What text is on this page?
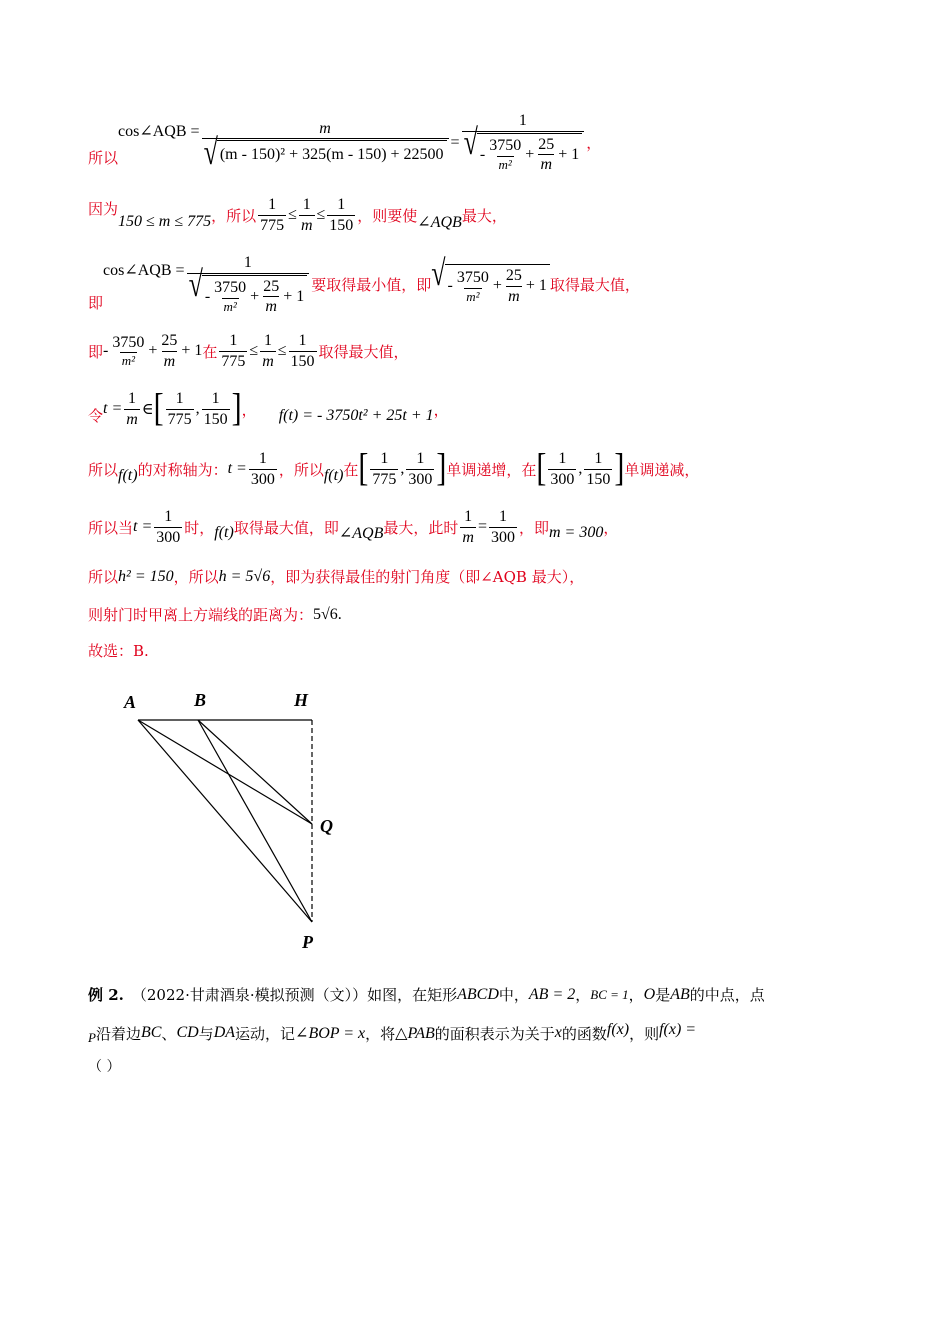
所以
cos∠AQB = $\frac{m}{\text{√ (m - 150)² + 325(m - 150) + 22500}}$ =
1
√ - $\frac{3750}{\text{m²}} + \frac{25}{m} + 1$
，
因为
150 ≤ m ≤ 775 ，所以 $\frac{1}{775} \le \frac{1}{m} \le \frac{1}{150}$ ，则要使 ∠AQB 最大，
即
cos∠AQB =	1
√ - $\frac{3750}{\text{m²}} + \frac{25}{m} + 1$
要取得最小值，即 √ - $\frac{3750}{\text{m²}} + \frac{25}{m} + 1$ 取得最大值，
即 - $\frac{3750}{\text{m²}} + \frac{25}{m} + 1$ 在 $\frac{1}{775} \le \frac{1}{m} \le \frac{1}{150}$ 取得最大值，
令 $t = \frac{1}{m}$ ∈ [ $\frac{1}{775}$ , $\frac{1}{150}$ ] ， f(t) = - 3750t² + 25t + 1 ，
所以 f(t) 的对称轴为： $t = \frac{1}{300}$ ，所以 f(t) 在 [ $\frac{1}{775}$ , $\frac{1}{300}$ ] 单调递增，在 [ $\frac{1}{300}$ , $\frac{1}{150}$ ] 单调递减，
所以当 $t = \frac{1}{300}$ 时， f(t) 取得最大值，即 ∠AQB 最大，此时 $\frac{1}{m} = \frac{1}{300}$ ，即 m = 300 ，
所以 h² = 150 ，所以 h = 5√6 ，即为获得最佳的射门角度（即∠AQB 最大），
则射门时甲离上方端线的距离为： 5√6.
故选：B.
A	B	H
Q
P
例 2. （2022·甘肃酒泉·模拟预测（文））如图，在矩形 ABCD 中， AB = 2 ， BC = 1 ， O 是 AB 的中点，点
P 沿着边 BC 、 CD 与 DA 运动，记 ∠BOP = x ，将 △PAB 的面积表示为关于 x 的函数 f(x) ，则 f(x) =
（ ）
